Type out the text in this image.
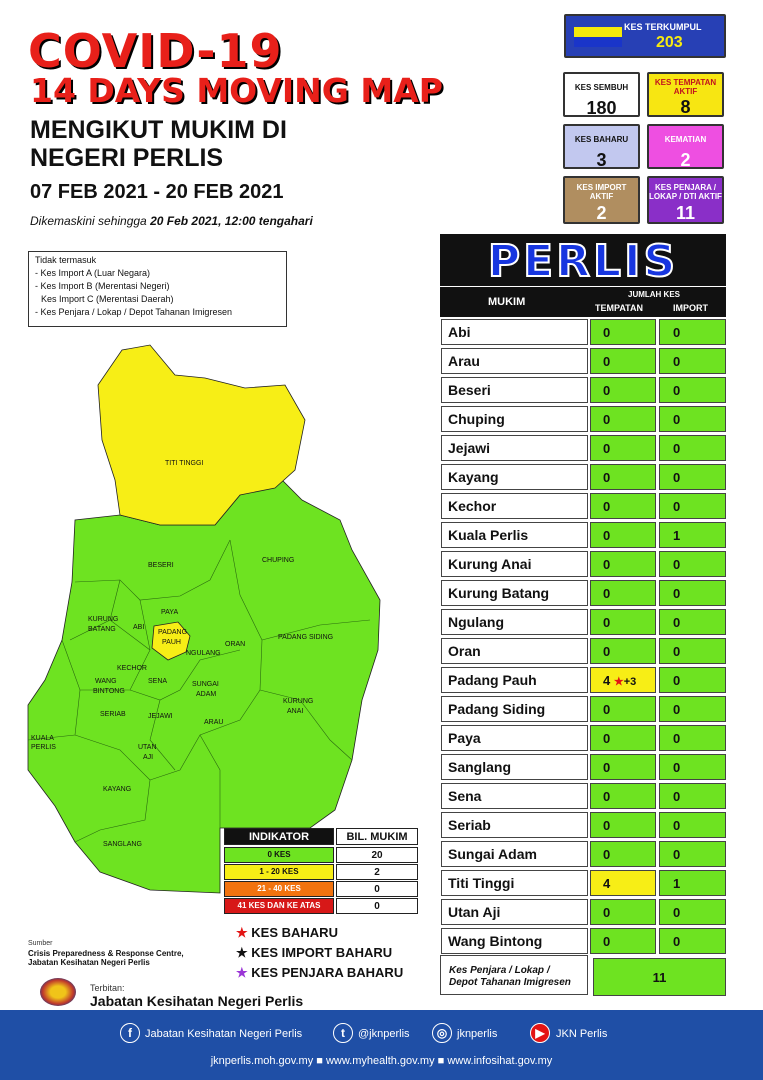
COVID-19
14 DAYS MOVING MAP
MENGIKUT MUKIM DI
NEGERI PERLIS
07 FEB 2021 - 20 FEB 2021
Dikemaskini sehingga 20 Feb 2021, 12:00 tengahari
KES TERKUMPUL
203
KES SEMBUH
180
KES TEMPATAN AKTIF
8
KES BAHARU
3
KEMATIAN
2
KES IMPORT AKTIF
2
KES PENJARA / LOKAP / DTI AKTIF
11
Tidak termasuk
- Kes Import A (Luar Negara)
- Kes Import B (Merentasi Negeri)
Kes Import C (Merentasi Daerah)
- Kes Penjara / Lokap / Depot Tahanan Imigresen
TITI TINGGI
BESERI
CHUPING
PAYA
KURUNG
BATANG ABI
PADANG
PAUH
NGULANG
ORAN
PADANG SIDING
KECHOR
WANG
BINTONG
SENA	SUNGAI
ADAM
KURUNG
ANAI
SERIAB	JEJAWI
ARAU
KUALA
PERLIS	UTAN
AJI
KAYANG
SANGLANG
PERLIS
MUKIM
JUMLAH KES
TEMPATAN	IMPORT
Abi	0	0
Arau	0	0
Beseri	0	0
Chuping	0	0
Jejawi	0	0
Kayang	0	0
Kechor	0	0
Kuala Perlis	0	1
Kurung Anai	0	0
Kurung Batang	0	0
Ngulang	0	0
Oran	0	0
Padang Pauh	4 ★+3	0
Padang Siding	0	0
Paya	0	0
Sanglang	0	0
Sena	0	0
Seriab	0	0
Sungai Adam	0	0
Titi Tinggi	4	1
Utan Aji	0	0
Wang Bintong	0	0
Kes Penjara / Lokap /
Depot Tahanan Imigresen	11
INDIKATOR	BIL. MUKIM
0 KES	20
1 - 20 KES	2
21 - 40 KES	0
41 KES DAN KE ATAS	0
★ KES BAHARU
★ KES IMPORT BAHARU
★ KES PENJARA BAHARU
Sumber
Crisis Preparedness & Response Centre,
Jabatan Kesihatan Negeri Perlis
Terbitan:
Jabatan Kesihatan Negeri Perlis
f	Jabatan Kesihatan Negeri Perlis	t	@jknperlis	◎ jknperlis	▶	JKN Perlis
jknperlis.moh.gov.my ■ www.myhealth.gov.my ■ www.infosihat.gov.my
